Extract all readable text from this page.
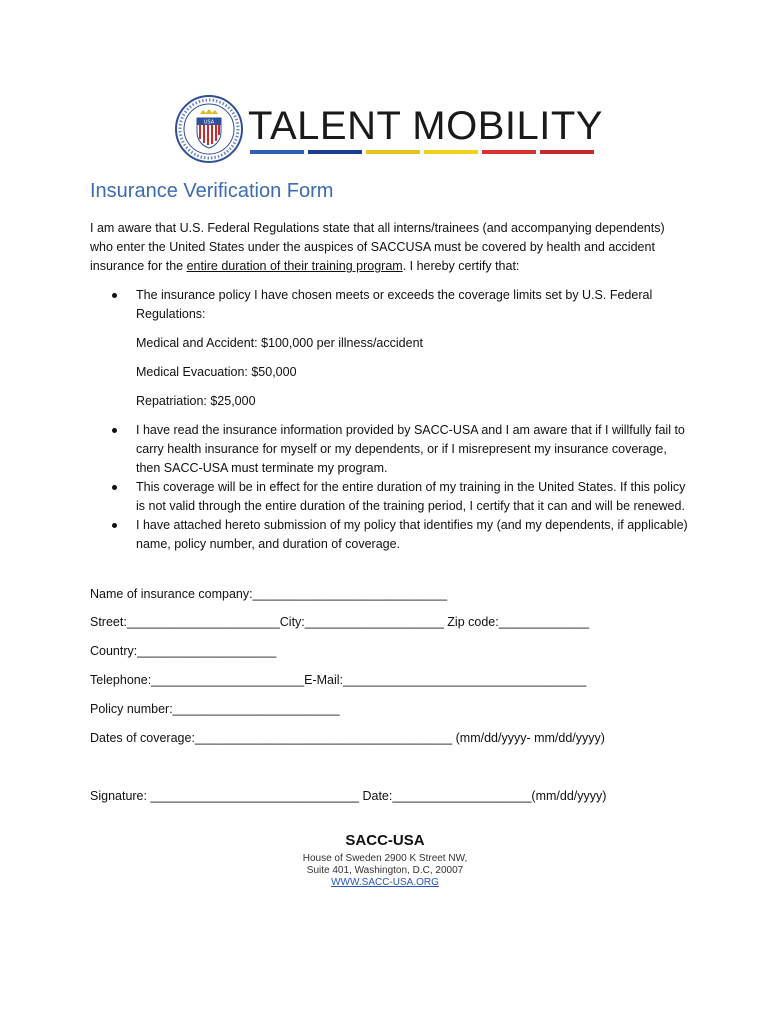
USA TALENT MOBILITY
Insurance Verification Form
I am aware that U.S. Federal Regulations state that all interns/trainees (and accompanying dependents) who enter the United States under the auspices of SACCUSA must be covered by health and accident insurance for the entire duration of their training program. I hereby certify that:
The insurance policy I have chosen meets or exceeds the coverage limits set by U.S. Federal Regulations:
Medical and Accident: $100,000 per illness/accident
Medical Evacuation: $50,000
Repatriation: $25,000
I have read the insurance information provided by SACC-USA and I am aware that if I willfully fail to carry health insurance for myself or my dependents, or if I misrepresent my insurance coverage, then SACC-USA must terminate my program.
This coverage will be in effect for the entire duration of my training in the United States. If this policy is not valid through the entire duration of the training period, I certify that it can and will be renewed.
I have attached hereto submission of my policy that identifies my (and my dependents, if applicable) name, policy number, and duration of coverage.
Name of insurance company:____________________________
Street:______________________City:____________________ Zip code:_____________
Country:____________________
Telephone:______________________E-Mail:___________________________________
Policy number:________________________
Dates of coverage:_____________________________________ (mm/dd/yyyy- mm/dd/yyyy)
Signature: ______________________________ Date:____________________(mm/dd/yyyy)
SACC-USA
House of Sweden 2900 K Street NW,
Suite 401, Washington, D.C, 20007
WWW.SACC-USA.ORG
